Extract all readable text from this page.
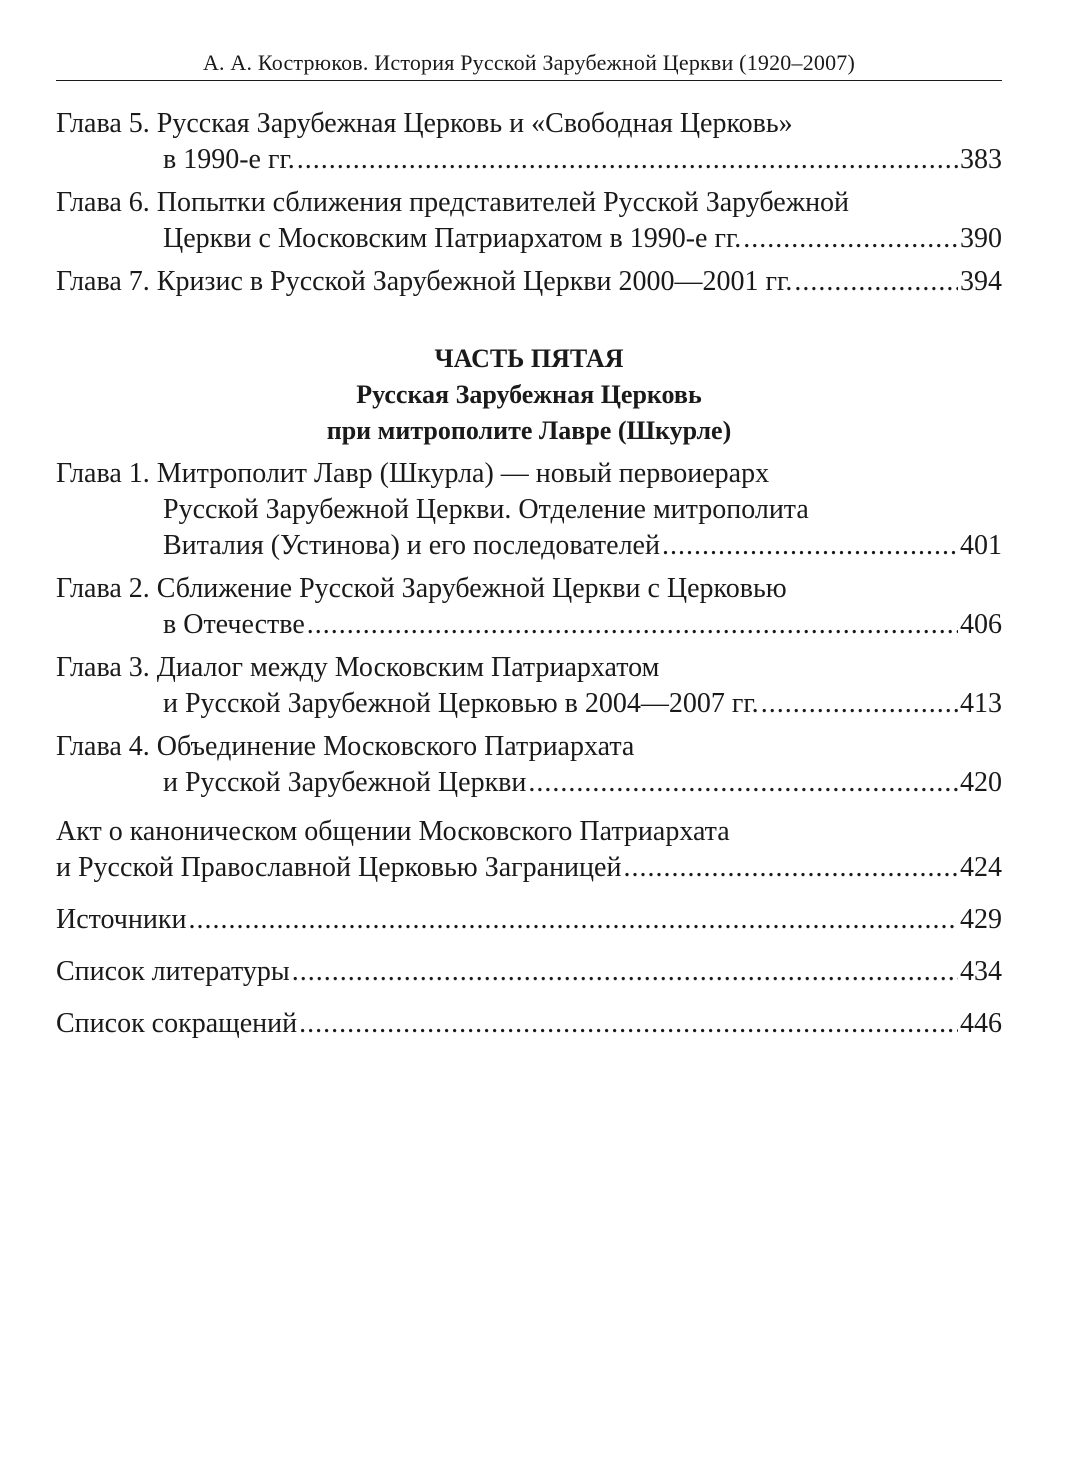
А. А. Кострюков. История Русской Зарубежной Церкви (1920–2007)
Глава 5. Русская Зарубежная Церковь и «Свободная Церковь»
в 1990-е гг. .....	383
Глава 6. Попытки сближения представителей Русской Зарубежной
Церкви с Московским Патриархатом в 1990-е гг. .....	390
Глава 7. Кризис в Русской Зарубежной Церкви 2000—2001 гг. .....	394
ЧАСТЬ ПЯТАЯ
Русская Зарубежная Церковь
при митрополите Лавре (Шкурле)
Глава 1. Митрополит Лавр (Шкурла) — новый первоиерарх
Русской Зарубежной Церкви. Отделение митрополита
Виталия (Устинова) и его последователей .....	401
Глава 2. Сближение Русской Зарубежной Церкви с Церковью
в Отечестве .....	406
Глава 3. Диалог между Московским Патриархатом
и Русской Зарубежной Церковью в 2004—2007 гг. .....	413
Глава 4. Объединение Московского Патриархата
и Русской Зарубежной Церкви .....	420
Акт о каноническом общении Московского Патриархата
и Русской Православной Церковью Заграницей .....	424
Источники .....	429
Список литературы .....	434
Список сокращений .....	446
